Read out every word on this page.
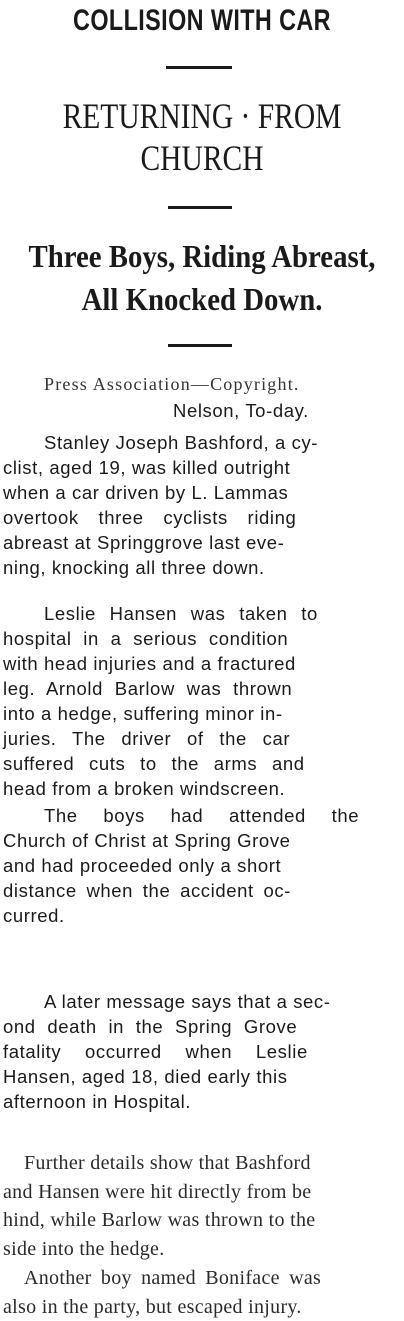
COLLISION WITH CAR
RETURNING · FROM
CHURCH
Three Boys, Riding Abreast,
All Knocked Down.
Press Association—Copyright.
Nelson, To-day.
Stanley Joseph Bashford, a cy-
clist, aged 19, was killed outright
when a car driven by L. Lammas
overtook three cyclists riding
abreast at Springgrove last eve-
ning, knocking all three down.
Leslie Hansen was taken to
hospital in a serious condition
with head injuries and a fractured
leg. Arnold Barlow was thrown
into a hedge, suffering minor in-
juries. The driver of the car
suffered cuts to the arms and
head from a broken windscreen.
The boys had attended the
Church of Christ at Spring Grove
and had proceeded only a short
distance when the accident oc-
curred.
A later message says that a sec-
ond death in the Spring Grove
fatality occurred when Leslie
Hansen, aged 18, died early this
afternoon in Hospital.
Further details show that Bashford
and Hansen were hit directly from be
hind, while Barlow was thrown to the
side into the hedge.
Another boy named Boniface was
also in the party, but escaped injury.
